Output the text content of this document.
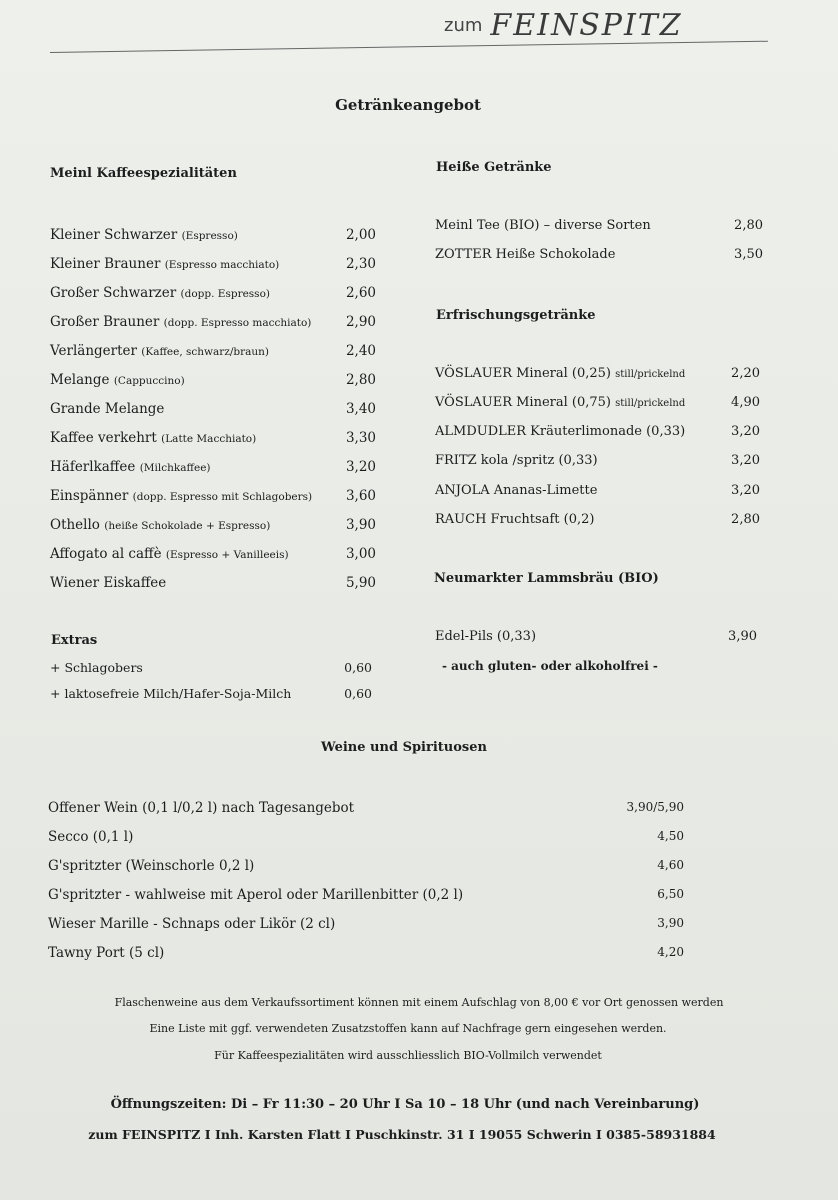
zum FEINSPITZ
Getränkeangebot
Meinl Kaffeespezialitäten
Kleiner Schwarzer (Espresso)	2,00
Kleiner Brauner (Espresso macchiato)	2,30
Großer Schwarzer (dopp. Espresso)	2,60
Großer Brauner (dopp. Espresso macchiato)	2,90
Verlängerter (Kaffee, schwarz/braun)	2,40
Melange (Cappuccino)	2,80
Grande Melange	3,40
Kaffee verkehrt (Latte Macchiato)	3,30
Häferlkaffee (Milchkaffee)	3,20
Einspänner (dopp. Espresso mit Schlagobers)	3,60
Othello (heiße Schokolade + Espresso)	3,90
Affogato al caffè (Espresso + Vanilleeis)	3,00
Wiener Eiskaffee	5,90
Extras
+ Schlagobers	0,60
+ laktosefreie Milch/Hafer-Soja-Milch	0,60
Heiße Getränke
Meinl Tee (BIO) – diverse Sorten	2,80
ZOTTER Heiße Schokolade	3,50
Erfrischungsgetränke
VÖSLAUER Mineral (0,25) still/prickelnd	2,20
VÖSLAUER Mineral (0,75) still/prickelnd	4,90
ALMDUDLER Kräuterlimonade (0,33)	3,20
FRITZ kola /spritz (0,33)	3,20
ANJOLA Ananas-Limette	3,20
RAUCH Fruchtsaft (0,2)	2,80
Neumarkter Lammsbräu (BIO)
Edel-Pils (0,33)	3,90
- auch gluten- oder alkoholfrei -
Weine und Spirituosen
Offener Wein (0,1 l/0,2 l) nach Tagesangebot	3,90/5,90
Secco (0,1 l)	4,50
G'spritzter (Weinschorle 0,2 l)	4,60
G'spritzter - wahlweise mit Aperol oder Marillenbitter (0,2 l)	6,50
Wieser Marille - Schnaps oder Likör (2 cl)	3,90
Tawny Port (5 cl)	4,20
Flaschenweine aus dem Verkaufssortiment können mit einem Aufschlag von 8,00 € vor Ort genossen werden
Eine Liste mit ggf. verwendeten Zusatzstoffen kann auf Nachfrage gern eingesehen werden.
Für Kaffeespezialitäten wird ausschliesslich BIO-Vollmilch verwendet
Öffnungszeiten: Di – Fr 11:30 – 20 Uhr I Sa 10 – 18 Uhr (und nach Vereinbarung)
zum FEINSPITZ I Inh. Karsten Flatt I Puschkinstr. 31 I 19055 Schwerin I 0385-58931884
